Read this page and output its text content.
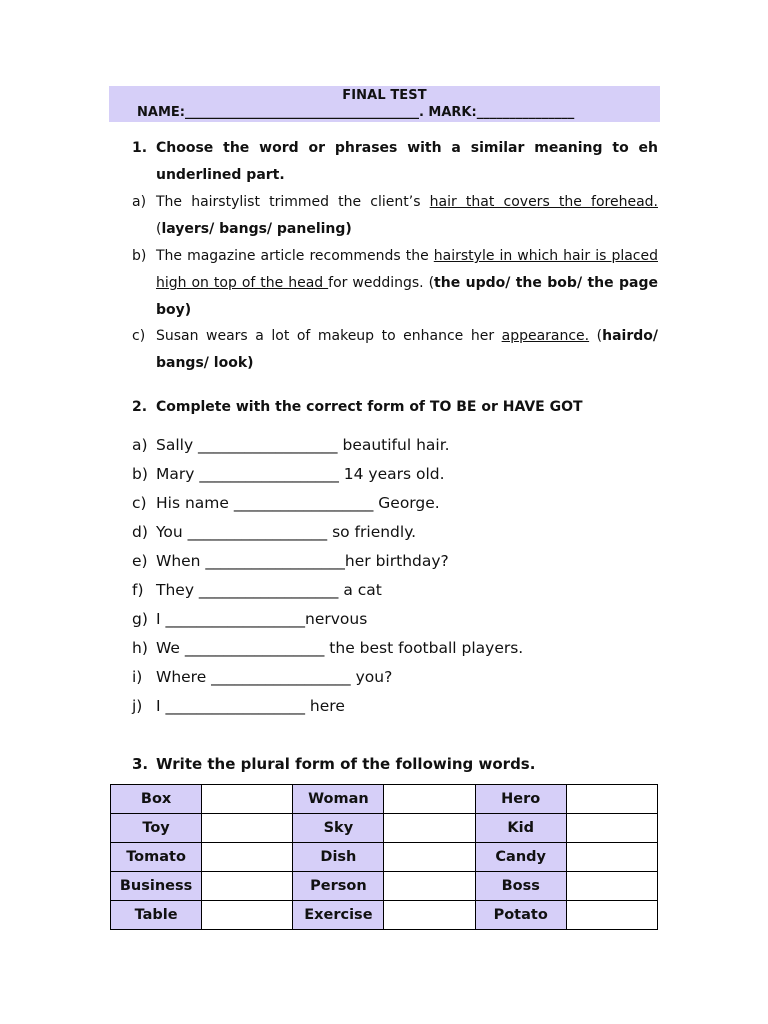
FINAL TEST
NAME:____________________________________. MARK:_______________
1. Choose the word or phrases with a similar meaning to eh underlined part.
a) The hairstylist trimmed the client’s hair that covers the forehead. (layers/ bangs/ paneling)
b) The magazine article recommends the hairstyle in which hair is placed high on top of the head for weddings. (the updo/ the bob/ the page boy)
c) Susan wears a lot of makeup to enhance her appearance. (hairdo/ bangs/ look)
2. Complete with the correct form of TO BE or HAVE GOT
a) Sally __________________ beautiful hair.
b) Mary __________________ 14 years old.
c) His name __________________ George.
d) You __________________ so friendly.
e) When __________________her birthday?
f) They __________________ a cat
g) I __________________nervous
h) We __________________ the best football players.
i) Where __________________ you?
j) I __________________ here
3. Write the plural form of the following words.
Box		Woman		Hero	
Toy		Sky		Kid	
Tomato		Dish		Candy	
Business		Person		Boss	
Table		Exercise		Potato	
